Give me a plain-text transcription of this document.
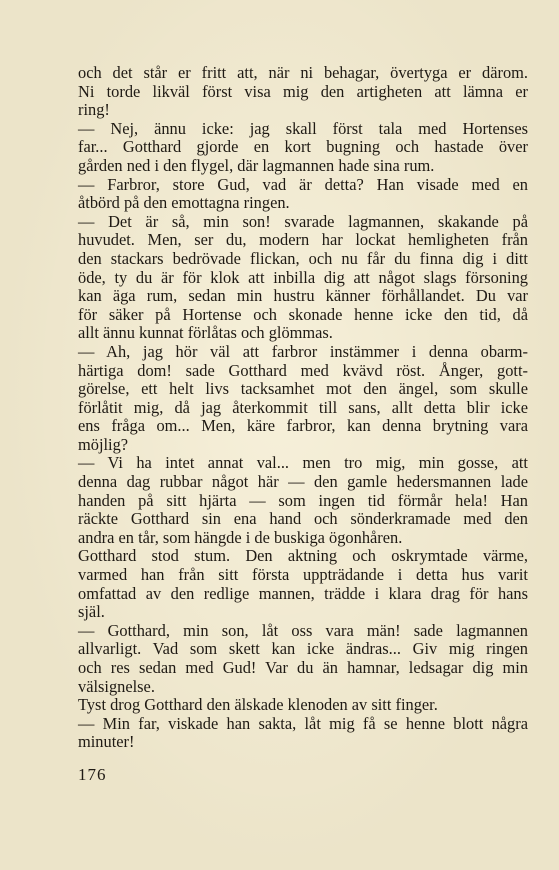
och det står er fritt att, när ni behagar, övertyga er därom.
Ni torde likväl först visa mig den artigheten att lämna er
ring!
— Nej, ännu icke: jag skall först tala med Hortenses
far... Gotthard gjorde en kort bugning och hastade över
gården ned i den flygel, där lagmannen hade sina rum.
— Farbror, store Gud, vad är detta? Han visade med en
åtbörd på den emottagna ringen.
— Det är så, min son! svarade lagmannen, skakande på
huvudet. Men, ser du, modern har lockat hemligheten från
den stackars bedrövade flickan, och nu får du finna dig i ditt
öde, ty du är för klok att inbilla dig att något slags försoning
kan äga rum, sedan min hustru känner förhållandet. Du var
för säker på Hortense och skonade henne icke den tid, då
allt ännu kunnat förlåtas och glömmas.
— Ah, jag hör väl att farbror instämmer i denna obarm-
härtiga dom! sade Gotthard med kvävd röst. Ånger, gott-
görelse, ett helt livs tacksamhet mot den ängel, som skulle
förlåtit mig, då jag återkommit till sans, allt detta blir icke
ens fråga om... Men, käre farbror, kan denna brytning vara
möjlig?
— Vi ha intet annat val... men tro mig, min gosse, att
denna dag rubbar något här — den gamle hedersmannen lade
handen på sitt hjärta — som ingen tid förmår hela! Han
räckte Gotthard sin ena hand och sönderkramade med den
andra en tår, som hängde i de buskiga ögonhåren.
Gotthard stod stum. Den aktning och oskrymtade värme,
varmed han från sitt första uppträdande i detta hus varit
omfattad av den redlige mannen, trädde i klara drag för hans
själ.
— Gotthard, min son, låt oss vara män! sade lagmannen
allvarligt. Vad som skett kan icke ändras... Giv mig ringen
och res sedan med Gud! Var du än hamnar, ledsagar dig min
välsignelse.
Tyst drog Gotthard den älskade klenoden av sitt finger.
— Min far, viskade han sakta, låt mig få se henne blott några
minuter!
176
